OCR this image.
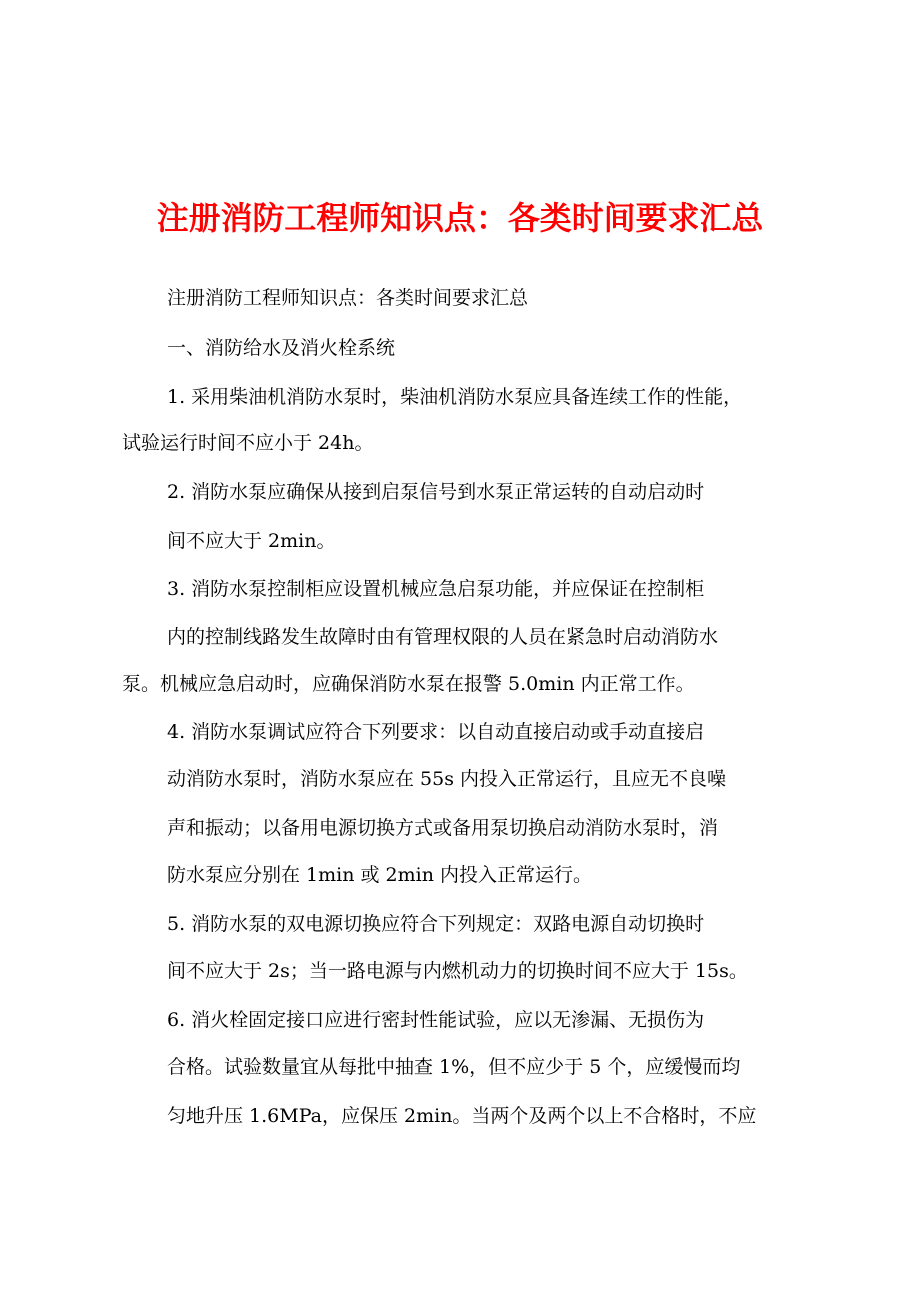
注册消防工程师知识点：各类时间要求汇总
注册消防工程师知识点：各类时间要求汇总
一、消防给水及消火栓系统
1. 采用柴油机消防水泵时，柴油机消防水泵应具备连续工作的性能，
试验运行时间不应小于 24h。
2. 消防水泵应确保从接到启泵信号到水泵正常运转的自动启动时
间不应大于 2min。
3. 消防水泵控制柜应设置机械应急启泵功能，并应保证在控制柜
内的控制线路发生故障时由有管理权限的人员在紧急时启动消防水
泵。机械应急启动时，应确保消防水泵在报警 5.0min 内正常工作。
4. 消防水泵调试应符合下列要求：以自动直接启动或手动直接启
动消防水泵时，消防水泵应在 55s 内投入正常运行，且应无不良噪
声和振动；以备用电源切换方式或备用泵切换启动消防水泵时，消
防水泵应分别在 1min 或 2min 内投入正常运行。
5. 消防水泵的双电源切换应符合下列规定：双路电源自动切换时
间不应大于 2s；当一路电源与内燃机动力的切换时间不应大于 15s。
6. 消火栓固定接口应进行密封性能试验，应以无渗漏、无损伤为
合格。试验数量宜从每批中抽查 1%，但不应少于 5 个，应缓慢而均
匀地升压 1.6MPa，应保压 2min。当两个及两个以上不合格时，不应
